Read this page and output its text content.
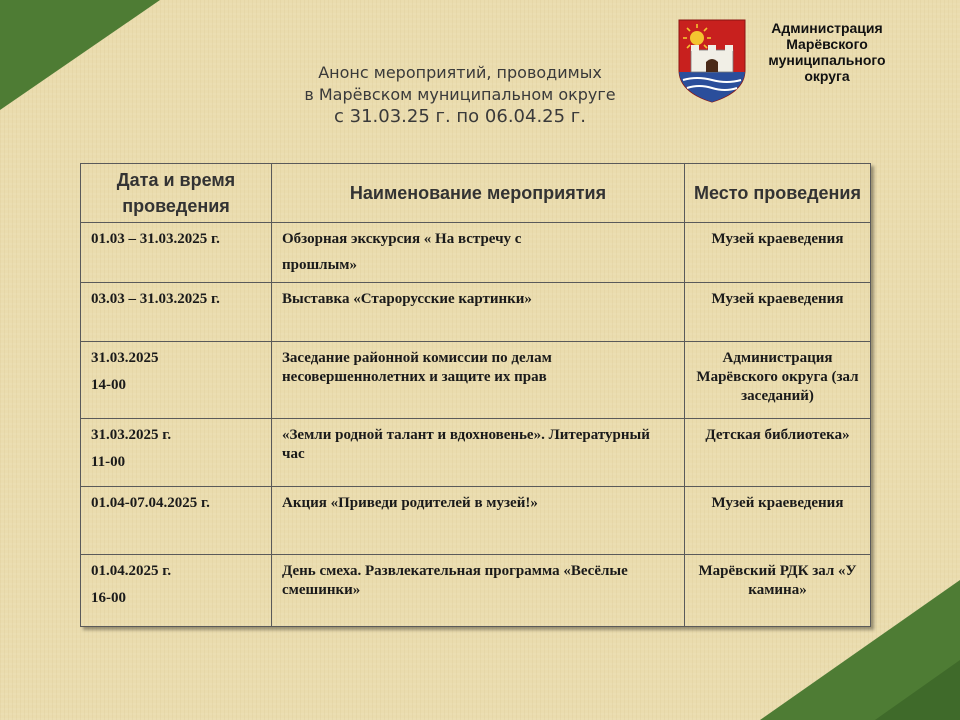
Анонс мероприятий, проводимых
в Марёвском муниципальном округе
с 31.03.25 г. по 06.04.25 г.
Администрация
Марёвского
муниципального
округа
Дата и время проведения	Наименование мероприятия	Место проведения

01.03 – 31.03.2025 г.	Обзорная экскурсия « На встречу с прошлым»	Музей краеведения

03.03 – 31.03.2025 г.	Выставка «Старорусские картинки»	Музей краеведения

31.03.2025
14-00	Заседание районной комиссии по делам несовершеннолетних и защите их прав	Администрация Марёвского округа (зал заседаний)

31.03.2025 г.
11-00	«Земли родной талант и вдохновенье». Литературный час	Детская библиотека»

01.04-07.04.2025 г.	Акция «Приведи родителей в музей!»	Музей краеведения

01.04.2025 г.
16-00	День смеха. Развлекательная программа «Весёлые смешинки»	Марёвский РДК зал «У камина»
